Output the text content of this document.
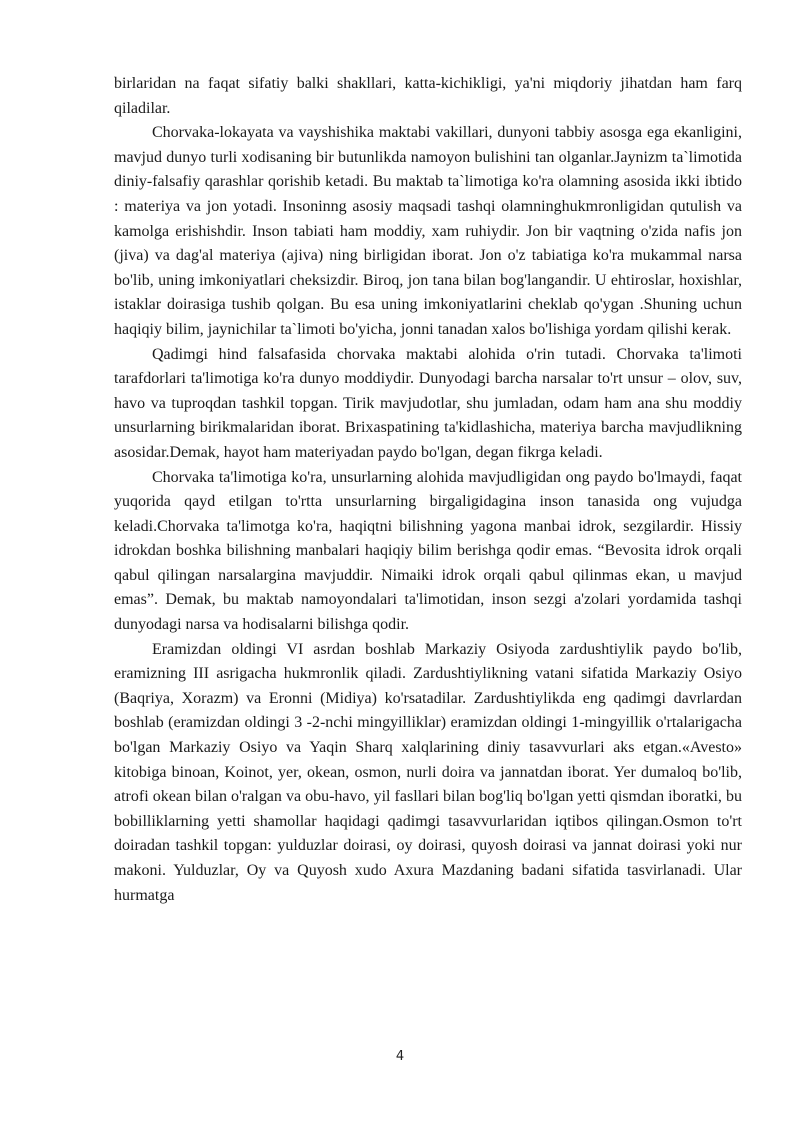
birlaridan na faqat sifatiy balki shakllari, katta-kichikligi, ya'ni miqdoriy jihatdan ham farq qiladilar.

Chorvaka-lokayata va vayshishika maktabi vakillari, dunyoni tabbiy asosga ega ekanligini, mavjud dunyo turli xodisaning bir butunlikda namoyon bulishini tan olganlar.Jaynizm ta`limotida diniy-falsafiy qarashlar qorishib ketadi. Bu maktab ta`limotiga ko'ra olamning asosida ikki ibtido : materiya va jon yotadi. Insoninng asosiy maqsadi tashqi olamninghukmronligidan qutulish va kamolga erishishdir. Inson tabiati ham moddiy, xam ruhiydir. Jon bir vaqtning o'zida nafis jon (jiva) va dag'al materiya (ajiva) ning birligidan iborat. Jon o'z tabiatiga ko'ra mukammal narsa bo'lib, uning imkoniyatlari cheksizdir. Biroq, jon tana bilan bog'langandir. U ehtiroslar, hoxishlar, istaklar doirasiga tushib qolgan. Bu esa uning imkoniyatlarini cheklab qo'ygan .Shuning uchun haqiqiy bilim, jaynichilar ta`limoti bo'yicha, jonni tanadan xalos bo'lishiga yordam qilishi kerak.

Qadimgi hind falsafasida chorvaka maktabi alohida o'rin tutadi. Chorvaka ta'limoti tarafdorlari ta'limotiga ko'ra dunyo moddiydir. Dunyodagi barcha narsalar to'rt unsur – olov, suv, havo va tuproqdan tashkil topgan. Tirik mavjudotlar, shu jumladan, odam ham ana shu moddiy unsurlarning birikmalaridan iborat. Brixaspatining ta'kidlashicha, materiya barcha mavjudlikning asosidar.Demak, hayot ham materiyadan paydo bo'lgan, degan fikrga keladi.

Chorvaka ta'limotiga ko'ra, unsurlarning alohida mavjudligidan ong paydo bo'lmaydi, faqat yuqorida qayd etilgan to'rtta unsurlarning birgaligidagina inson tanasida ong vujudga keladi.Chorvaka ta'limotga ko'ra, haqiqtni bilishning yagona manbai idrok, sezgilardir. Hissiy idrokdan boshka bilishning manbalari haqiqiy bilim berishga qodir emas. “Bevosita idrok orqali qabul qilingan narsalargina mavjuddir. Nimaiki idrok orqali qabul qilinmas ekan, u mavjud emas”. Demak, bu maktab namoyondalari ta'limotidan, inson sezgi a'zolari yordamida tashqi dunyodagi narsa va hodisalarni bilishga qodir.

Eramizdan oldingi VI asrdan boshlab Markaziy Osiyoda zardushtiylik paydo bo'lib, eramizning III asrigacha hukmronlik qiladi. Zardushtiylikning vatani sifatida Markaziy Osiyo (Baqriya, Xorazm) va Eronni (Midiya) ko'rsatadilar. Zardushtiylikda eng qadimgi davrlardan boshlab (eramizdan oldingi 3 -2-nchi mingyilliklar) eramizdan oldingi 1-mingyillik o'rtalarigacha bo'lgan Markaziy Osiyo va Yaqin Sharq xalqlarining diniy tasavvurlari aks etgan.«Avesto» kitobiga binoan, Koinot, yer, okean, osmon, nurli doira va jannatdan iborat. Yer dumaloq bo'lib, atrofi okean bilan o'ralgan va obu-havo, yil fasllari bilan bog'liq bo'lgan yetti qismdan iboratki, bu bobilliklarning yetti shamollar haqidagi qadimgi tasavvurlaridan iqtibos qilingan.Osmon to'rt doiradan tashkil topgan: yulduzlar doirasi, oy doirasi, quyosh doirasi va jannat doirasi yoki nur makoni. Yulduzlar, Oy va Quyosh xudo Axura Mazdaning badani sifatida tasvirlanadi. Ular hurmatga

4
